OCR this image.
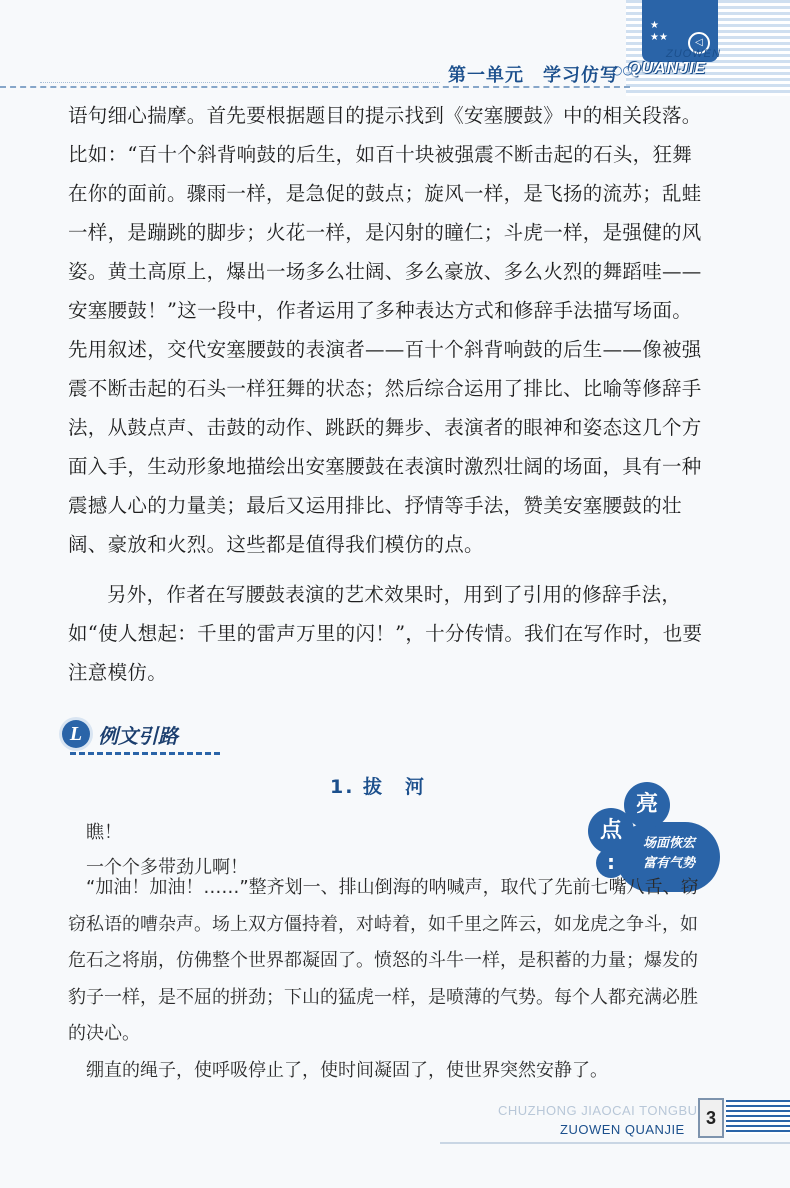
★
★★	◁
ZUOWEN
QUANJIE
○○
第一单元　学习仿写
语句细心揣摩。首先要根据题目的提示找到《安塞腰鼓》中的相关段落。比如：“百十个斜背响鼓的后生，如百十块被强震不断击起的石头，狂舞在你的面前。骤雨一样，是急促的鼓点；旋风一样，是飞扬的流苏；乱蛙一样，是蹦跳的脚步；火花一样，是闪射的瞳仁；斗虎一样，是强健的风姿。黄土高原上，爆出一场多么壮阔、多么豪放、多么火烈的舞蹈哇——安塞腰鼓！”这一段中，作者运用了多种表达方式和修辞手法描写场面。先用叙述，交代安塞腰鼓的表演者——百十个斜背响鼓的后生——像被强震不断击起的石头一样狂舞的状态；然后综合运用了排比、比喻等修辞手法，从鼓点声、击鼓的动作、跳跃的舞步、表演者的眼神和姿态这几个方面入手，生动形象地描绘出安塞腰鼓在表演时激烈壮阔的场面，具有一种震撼人心的力量美；最后又运用排比、抒情等手法，赞美安塞腰鼓的壮阔、豪放和火烈。这些都是值得我们模仿的点。
另外，作者在写腰鼓表演的艺术效果时，用到了引用的修辞手法，如“使人想起：千里的雷声万里的闪！”，十分传情。我们在写作时，也要注意模仿。
L 例文引路
亮
点
:
场面恢宏
富有气势
1. 拔　河
瞧！
一个个多带劲儿啊！

“加油！加油！……”整齐划一、排山倒海的呐喊声，取代了先前七嘴八舌、窃窃私语的嘈杂声。场上双方僵持着，对峙着，如千里之阵云，如龙虎之争斗，如危石之将崩，仿佛整个世界都凝固了。愤怒的斗牛一样，是积蓄的力量；爆发的豹子一样，是不屈的拼劲；下山的猛虎一样，是喷薄的气势。每个人都充满必胜的决心。

绷直的绳子，使呼吸停止了，使时间凝固了，使世界突然安静了。

CHUZHONG JIAOCAI TONGBU
ZUOWEN QUANJIE
3
